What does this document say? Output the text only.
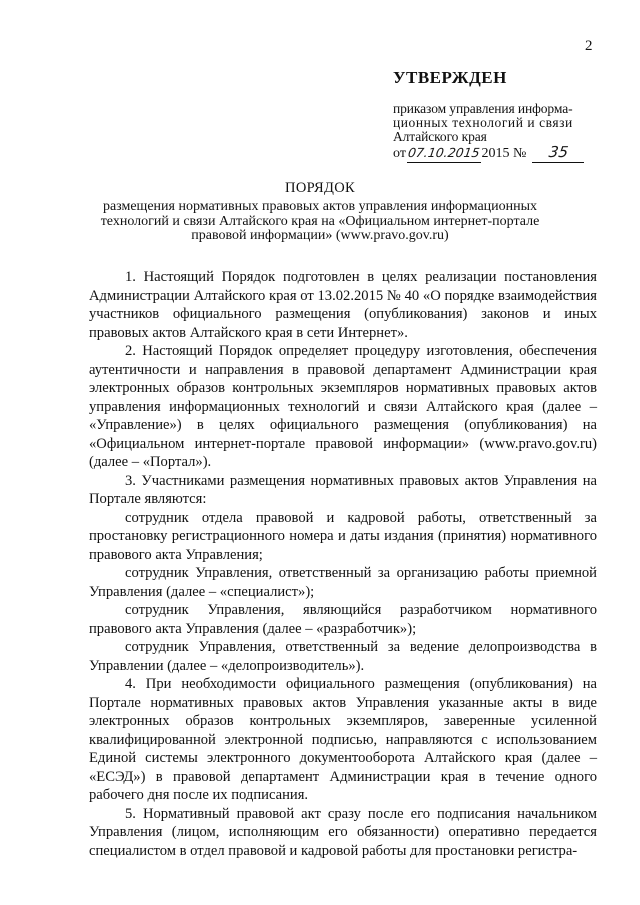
2
УТВЕРЖДЕН
приказом управления информа-
ционных технологий и связи
Алтайского края
от07.10.20152015 № 35
ПОРЯДОК
размещения нормативных правовых актов управления информационных технологий и связи Алтайского края на «Официальном интернет-портале правовой информации» (www.pravo.gov.ru)

1. Настоящий Порядок подготовлен в целях реализации постановления Администрации Алтайского края от 13.02.2015 № 40 «О порядке взаимодействия участников официального размещения (опубликования) законов и иных правовых актов Алтайского края в сети Интернет».

2. Настоящий Порядок определяет процедуру изготовления, обеспечения аутентичности и направления в правовой департамент Администрации края электронных образов контрольных экземпляров нормативных правовых актов управления информационных технологий и связи Алтайского края (далее – «Управление») в целях официального размещения (опубликования) на «Официальном интернет-портале правовой информации» (www.pravo.gov.ru) (далее – «Портал»).

3. Участниками размещения нормативных правовых актов Управления на Портале являются:

сотрудник отдела правовой и кадровой работы, ответственный за простановку регистрационного номера и даты издания (принятия) нормативного правового акта Управления;

сотрудник Управления, ответственный за организацию работы приемной Управления (далее – «специалист»);

сотрудник Управления, являющийся разработчиком нормативного правового акта Управления (далее – «разработчик»);

сотрудник Управления, ответственный за ведение делопроизводства в Управлении (далее – «делопроизводитель»).

4. При необходимости официального размещения (опубликования) на Портале нормативных правовых актов Управления указанные акты в виде электронных образов контрольных экземпляров, заверенные усиленной квалифицированной электронной подписью, направляются с использованием Единой системы электронного документооборота Алтайского края (далее – «ЕСЭД») в правовой департамент Администрации края в течение одного рабочего дня после их подписания.

5. Нормативный правовой акт сразу после его подписания начальником Управления (лицом, исполняющим его обязанности) оперативно передается специалистом в отдел правовой и кадровой работы для простановки регистра-
